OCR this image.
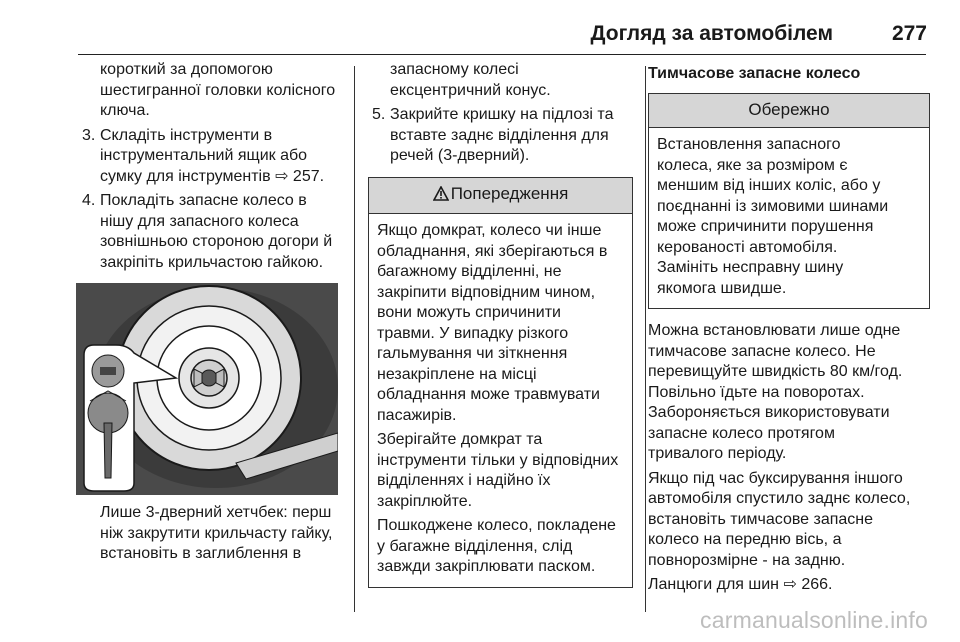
Догляд за автомобілем	277
короткий за допомогою
шестигранної головки колісного
ключа.
3. Складіть інструменти в
інструментальний ящик або
сумку для інструментів ⇨ 257.
4. Покладіть запасне колесо в
нішу для запасного колеса
зовнішньою стороною догори й
закріпіть крильчастою гайкою.
Лише 3-дверний хетчбек: перш
ніж закрутити крильчасту гайку,
встановіть в заглиблення в
запасному колесі
ексцентричний конус.
5. Закрийте кришку на підлозі та
вставте заднє відділення для
речей (3-дверний).
Попередження

Якщо домкрат, колесо чи інше
обладнання, які зберігаються в
багажному відділенні, не
закріпити відповідним чином,
вони можуть спричинити
травми. У випадку різкого
гальмування чи зіткнення
незакріплене на місці
обладнання може травмувати
пасажирів.

Зберігайте домкрат та
інструменти тільки у відповідних
відділеннях і надійно їх
закріплюйте.

Пошкоджене колесо, покладене
у багажне відділення, слід
завжди закріплювати паском.

Тимчасове запасне колесо
Обережно
Встановлення запасного
колеса, яке за розміром є
меншим від інших коліс, або у
поєднанні із зимовими шинами
може спричинити порушення
керованості автомобіля.
Замініть несправну шину
якомога швидше.

Можна встановлювати лише одне
тимчасове запасне колесо. Не
перевищуйте швидкість 80 км/год.
Повільно їдьте на поворотах.
Забороняється використовувати
запасне колесо протягом
тривалого періоду.

Якщо під час буксирування іншого
автомобіля спустило заднє колесо,
встановіть тимчасове запасне
колесо на передню вісь, а
повнорозмірне - на задню.

Ланцюги для шин ⇨ 266.

carmanualsonline.info
